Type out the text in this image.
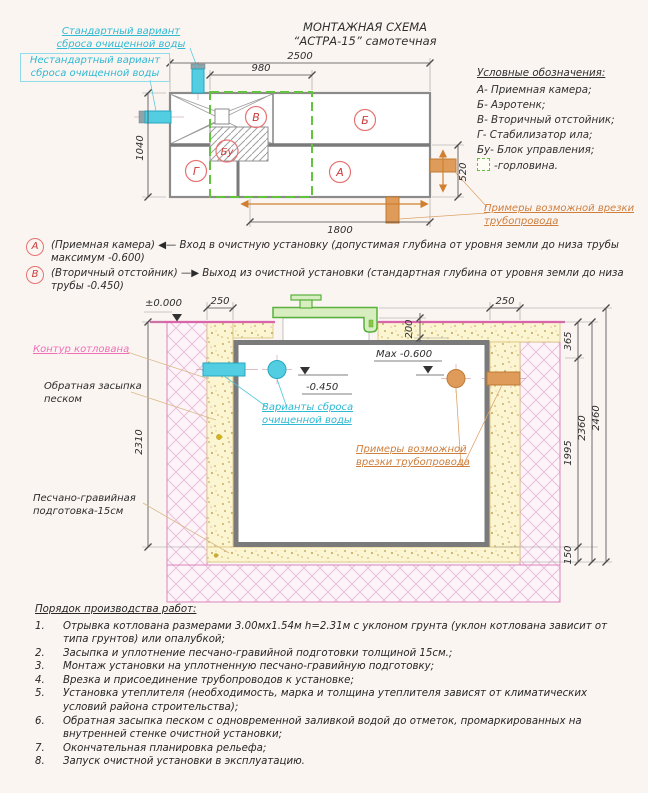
В	Б
Бу
Г	А
2500
980
1040
520
1800
250	250
200
365
1995
150
2360 2460
2310
±0.000
-0.450
Max -0.600
МОНТАЖНАЯ СХЕМА
“АСТРА-15” самотечная
Условные обозначения:
А- Приемная камера;
Б- Аэротенк;
В- Вторичный отстойник;
Г- Стабилизатор ила;
Бу- Блок управления;
-горловина.
Стандартный вариант сброса очищенной воды
Нестандартный вариант сброса очищенной воды
Примеры возможной врезки трубопровода
А	(Приемная камера) ◀— Вход в очистную установку (допустимая глубина от уровня земли до низа трубы максимум -0.600)

В	(Вторичный отстойник) —▶ Выход из очистной установки (стандартная глубина от уровня земли до низа трубы -0.450)

Контур котлована
Обратная засыпка песком
Песчано-гравийная подготовка-15см
Варианты сброса очищенной воды
Примеры возможной врезки трубопровода
Порядок производства работ:
1.	Отрывка котлована размерами 3.00мх1.54м h=2.31м с уклоном грунта (уклон котлована зависит от типа грунтов) или опалубкой;

2.	Засыпка и уплотнение песчано-гравийной подготовки толщиной 15см.;

3.	Монтаж установки на уплотненную песчано-гравийную подготовку;

4.	Врезка и присоединение трубопроводов к установке;

5.	Установка утеплителя (необходимость, марка и толщина утеплителя зависят от климатических условий района строительства);

6.	Обратная засыпка песком с одновременной заливкой водой до отметок, промаркированных на внутренней стенке очистной установки;

7.	Окончательная планировка рельефа;

8.	Запуск очистной установки в эксплуатацию.
